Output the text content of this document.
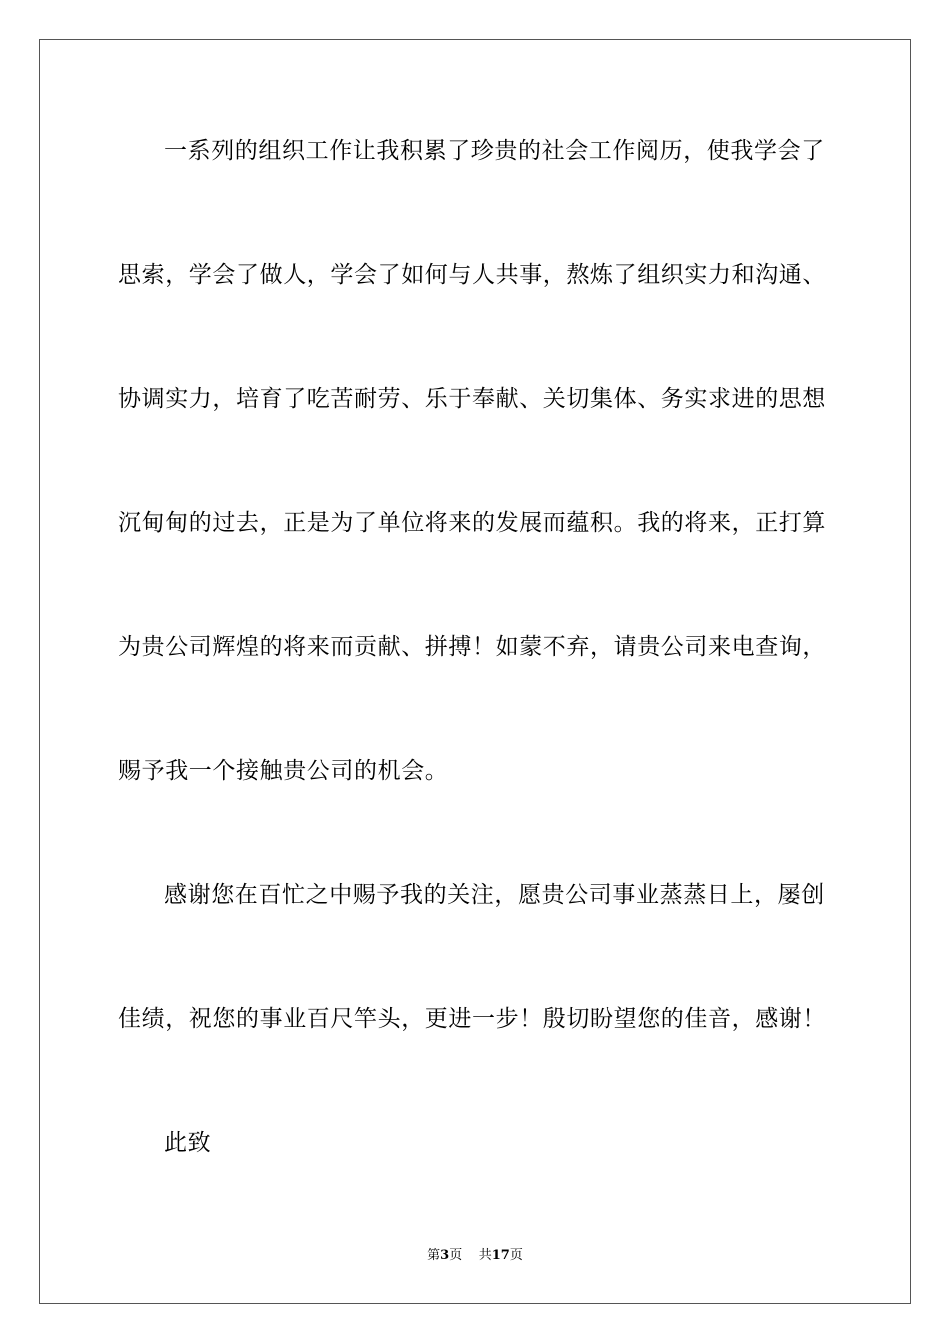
一系列的组织工作让我积累了珍贵的社会工作阅历，使我学会了

思索，学会了做人，学会了如何与人共事，熬炼了组织实力和沟通、

协调实力，培育了吃苦耐劳、乐于奉献、关切集体、务实求进的思想

沉甸甸的过去，正是为了单位将来的发展而蕴积。我的将来，正打算

为贵公司辉煌的将来而贡献、拼搏！如蒙不弃，请贵公司来电查询，

赐予我一个接触贵公司的机会。

感谢您在百忙之中赐予我的关注，愿贵公司事业蒸蒸日上，屡创

佳绩，祝您的事业百尺竿头，更进一步！殷切盼望您的佳音，感谢！

此致

第3页 共17页
